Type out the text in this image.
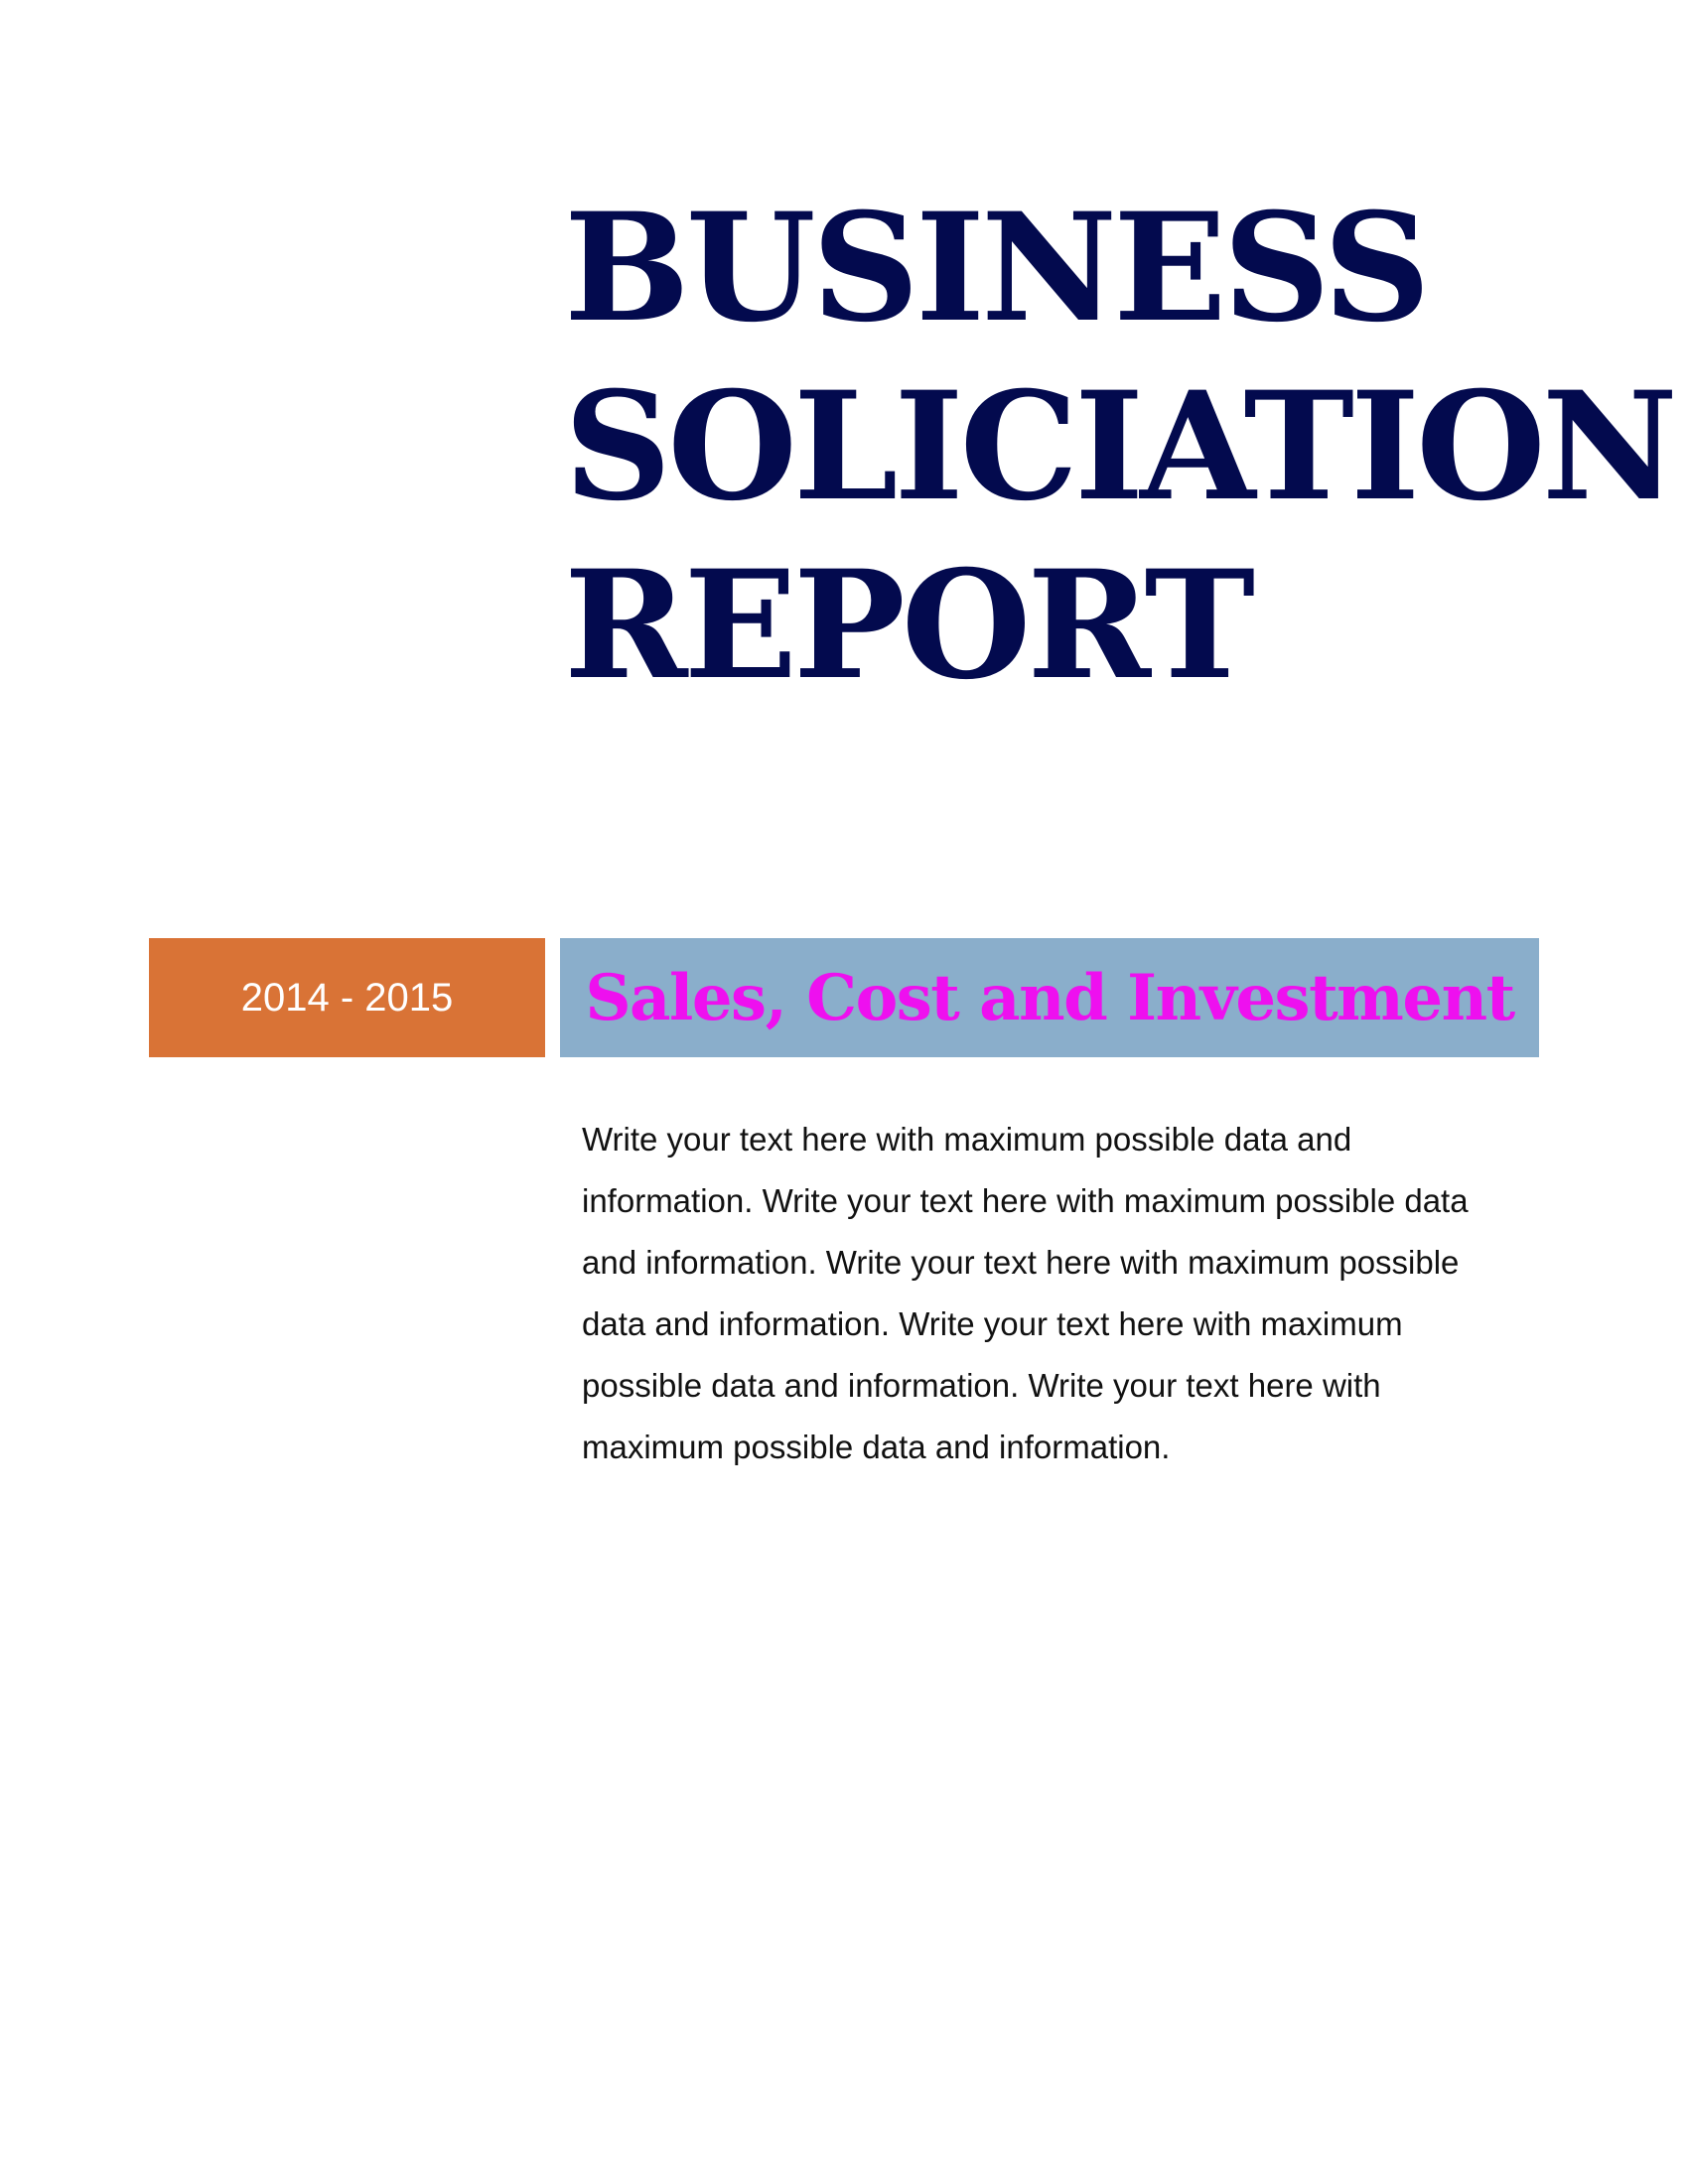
BUSINESS
SOLICIATION
REPORT
2014 - 2015 Sales, Cost and Investment

Write your text here with maximum possible data and information. Write your text here with maximum possible data and information. Write your text here with maximum possible data and information. Write your text here with maximum possible data and information. Write your text here with maximum possible data and information.
